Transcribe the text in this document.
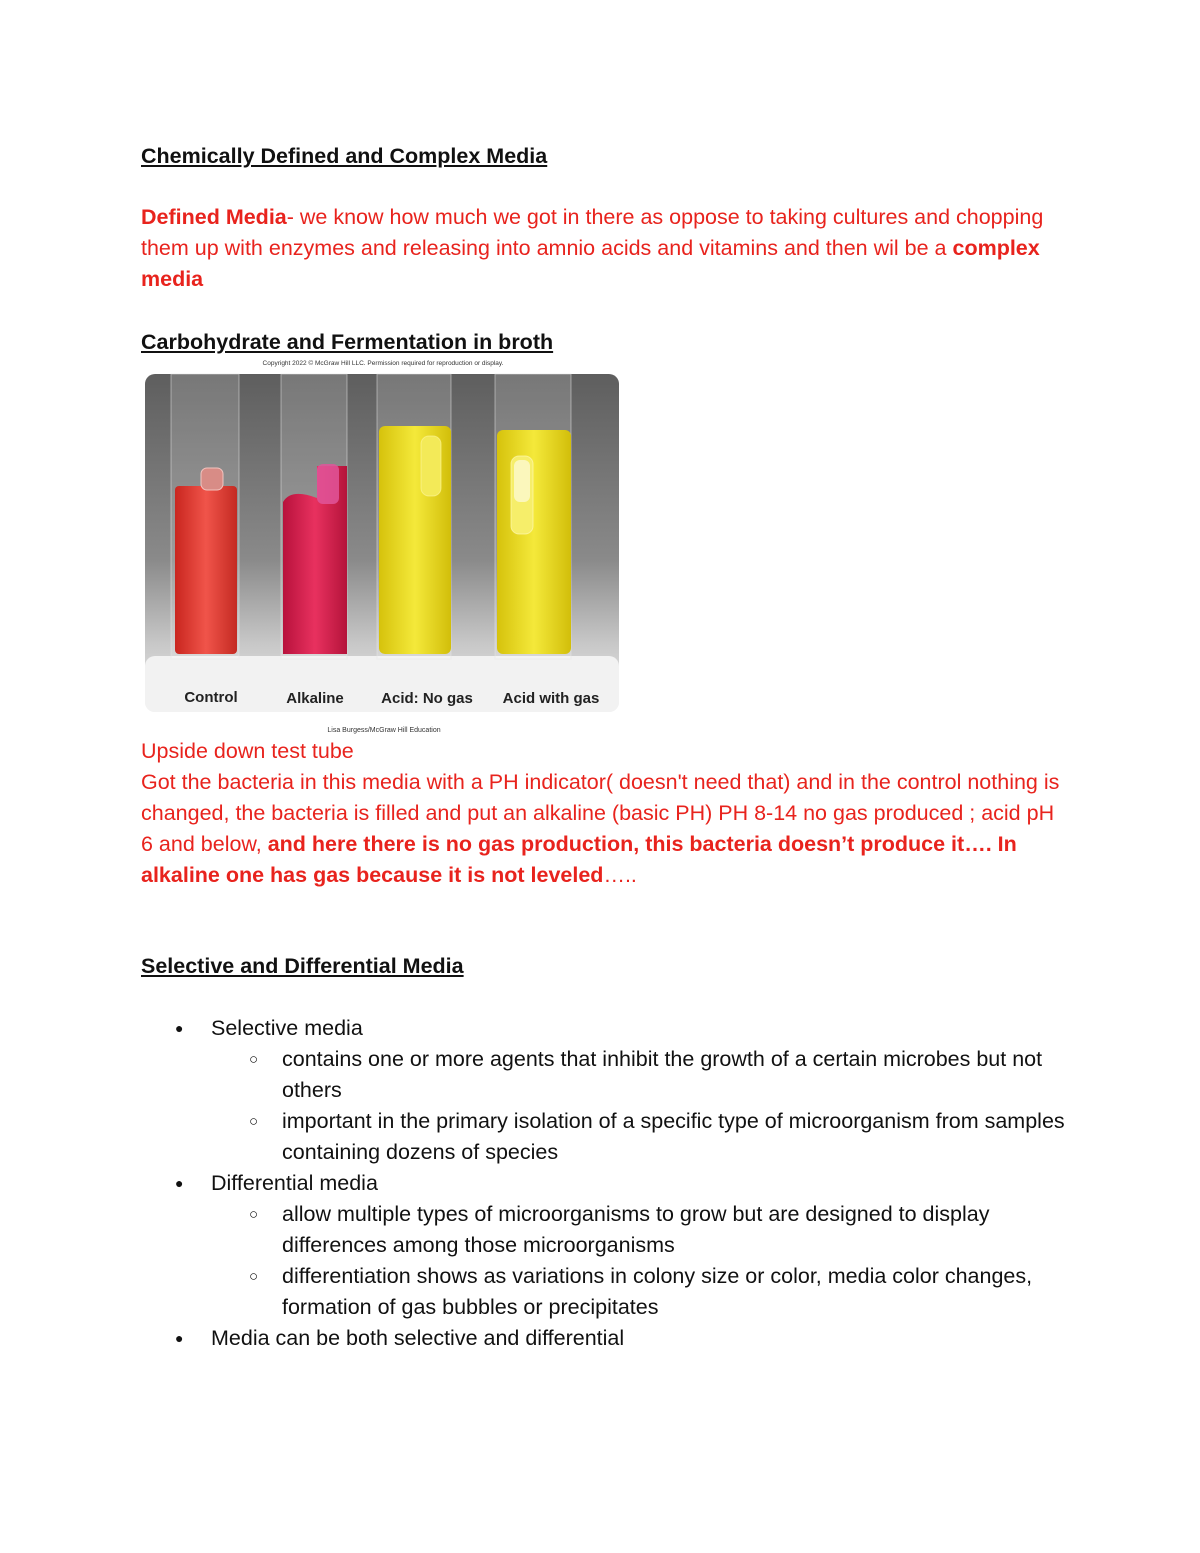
Chemically Defined and Complex Media
Defined Media- we know how much we got in there as oppose to taking cultures and chopping them up with enzymes and releasing into amnio acids and vitamins and then wil be a complex media
Carbohydrate and Fermentation in broth
Copyright 2022 © McGraw Hill LLC. Permission required for reproduction or display.
Control	Alkaline Acid: No gas Acid with gas
Lisa Burgess/McGraw Hill Education
Upside down test tube
Got the bacteria in this media with a PH indicator( doesn't need that) and in the control nothing is changed, the bacteria is filled and put an alkaline (basic PH) PH 8-14 no gas produced ; acid pH 6 and below, and here there is no gas production, this bacteria doesn’t produce it…. In alkaline one has gas because it is not leveled…..
Selective and Differential Media
● Selective media
○ contains one or more agents that inhibit the growth of a certain microbes but not others
○ important in the primary isolation of a specific type of microorganism from samples containing dozens of species
● Differential media
○ allow multiple types of microorganisms to grow but are designed to display differences among those microorganisms
○ differentiation shows as variations in colony size or color, media color changes, formation of gas bubbles or precipitates
● Media can be both selective and differential
